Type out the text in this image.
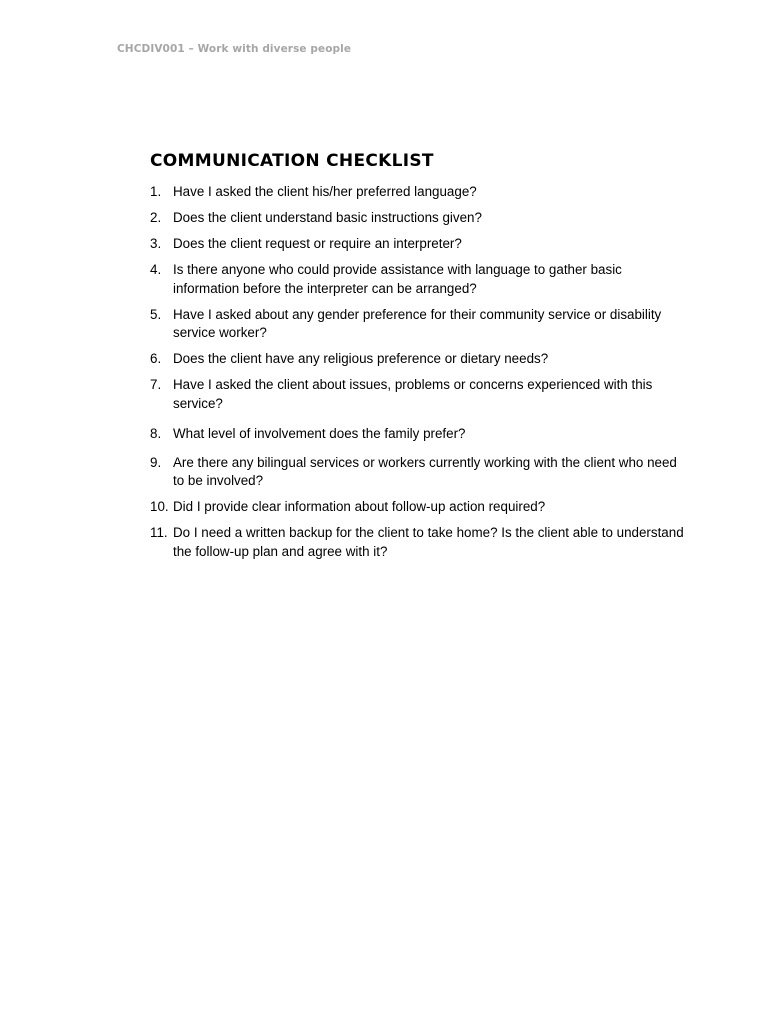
CHCDIV001 – Work with diverse people
COMMUNICATION CHECKLIST
1. Have I asked the client his/her preferred language?
2. Does the client understand basic instructions given?
3. Does the client request or require an interpreter?
4. Is there anyone who could provide assistance with language to gather basic information before the interpreter can be arranged?
5. Have I asked about any gender preference for their community service or disability service worker?
6. Does the client have any religious preference or dietary needs?
7. Have I asked the client about issues, problems or concerns experienced with this service?
8. What level of involvement does the family prefer?
9. Are there any bilingual services or workers currently working with the client who need to be involved?
10. Did I provide clear information about follow-up action required?
11. Do I need a written backup for the client to take home? Is the client able to understand the follow-up plan and agree with it?
